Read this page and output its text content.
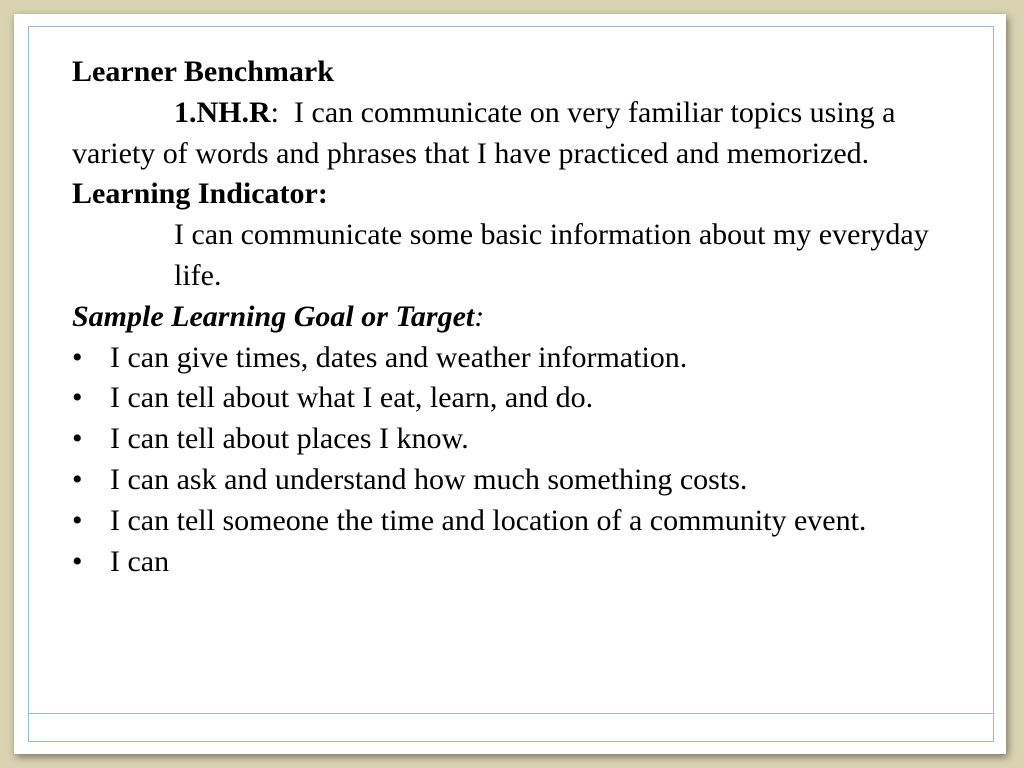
Learner Benchmark

1.NH.R:  I can communicate on very familiar topics using a variety of words and phrases that I have practiced and memorized.

Learning Indicator:

I can communicate some basic information about my everyday life.

Sample Learning Goal or Target:

• I can give times, dates and weather information.
• I can tell about what I eat, learn, and do.
• I can tell about places I know.
• I can ask and understand how much something costs.
• I can tell someone the time and location of a community event.
• I can
